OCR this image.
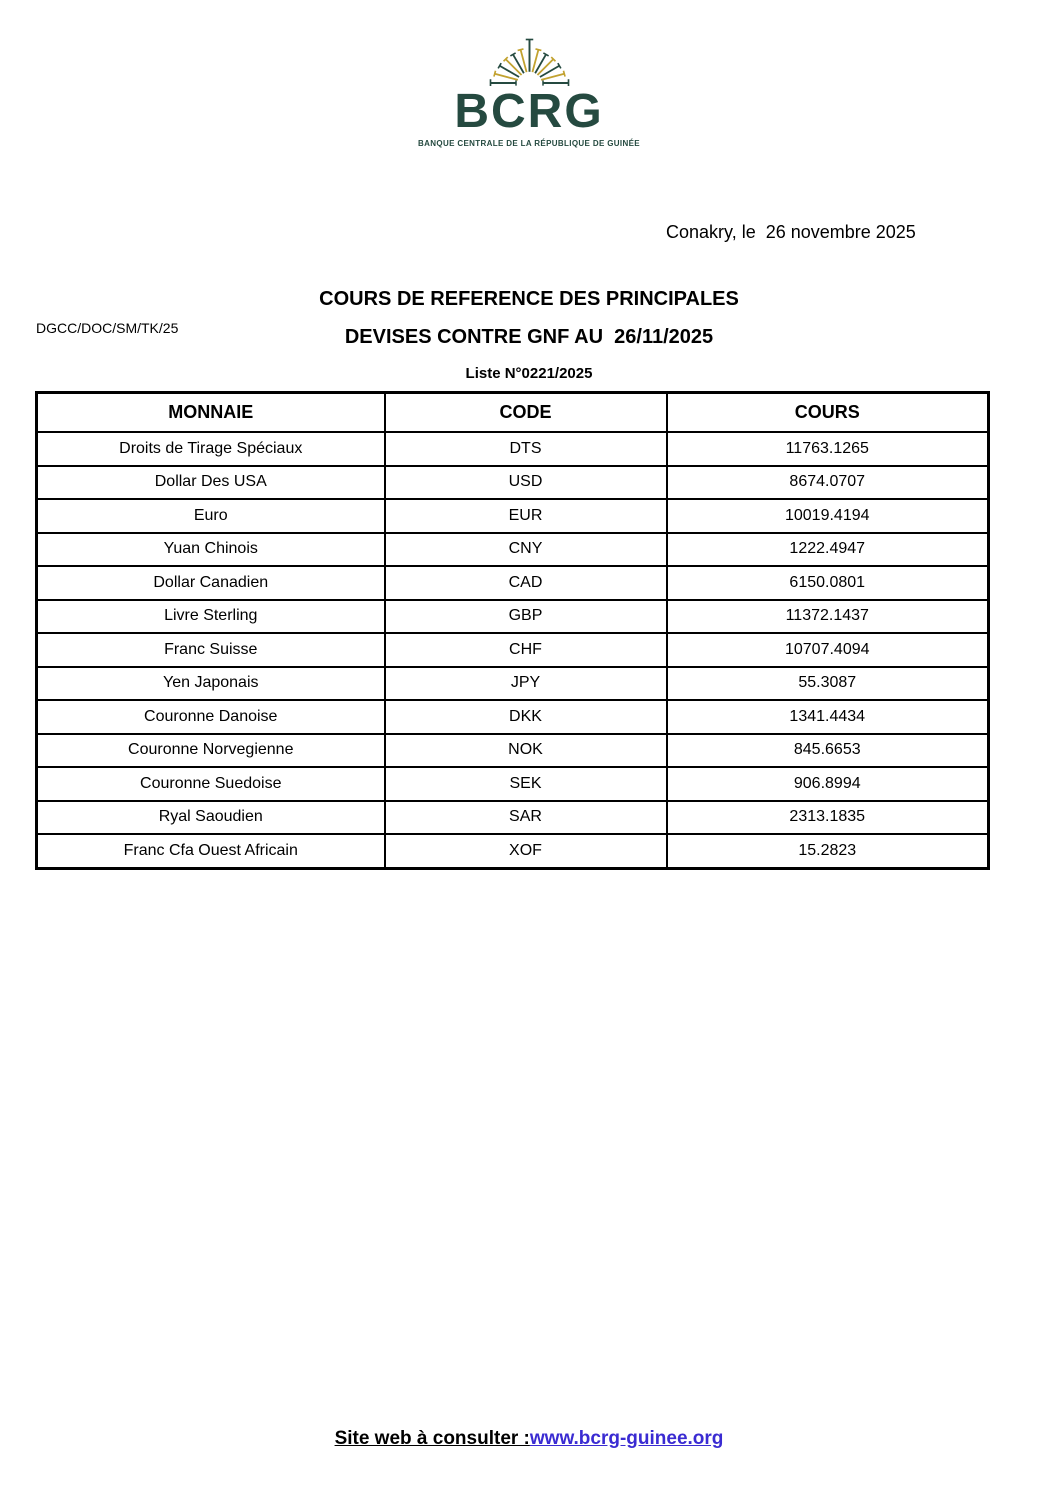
BCRG
BANQUE CENTRALE DE LA RÉPUBLIQUE DE GUINÉE
Conakry, le  26 novembre 2025
DGCC/DOC/SM/TK/25
COURS DE REFERENCE DES PRINCIPALES
DEVISES CONTRE GNF AU  26/11/2025
Liste N°0221/2025
MONNAIE	CODE	COURS
Droits de Tirage Spéciaux	DTS	11763.1265
Dollar Des USA	USD	8674.0707
Euro	EUR	10019.4194
Yuan Chinois	CNY	1222.4947
Dollar Canadien	CAD	6150.0801
Livre Sterling	GBP	11372.1437
Franc Suisse	CHF	10707.4094
Yen Japonais	JPY	55.3087
Couronne Danoise	DKK	1341.4434
Couronne Norvegienne	NOK	845.6653
Couronne Suedoise	SEK	906.8994
Ryal Saoudien	SAR	2313.1835
Franc Cfa Ouest Africain	XOF	15.2823
Site web à consulter :www.bcrg-guinee.org
